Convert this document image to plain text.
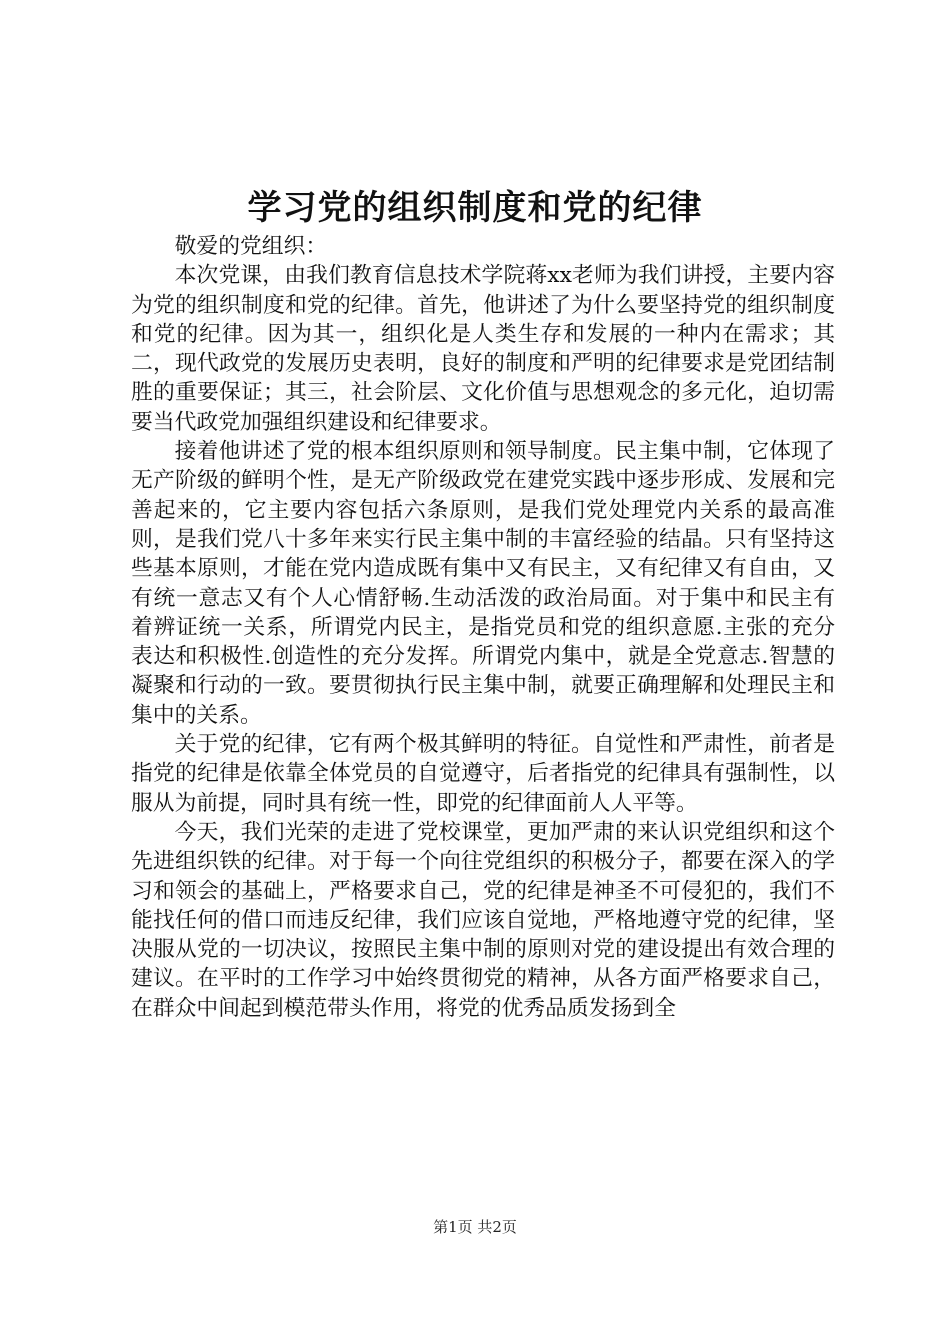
学习党的组织制度和党的纪律

敬爱的党组织：

本次党课，由我们教育信息技术学院蒋xx老师为我们讲授，主要内容为党的组织制度和党的纪律。首先，他讲述了为什么要坚持党的组织制度和党的纪律。因为其一，组织化是人类生存和发展的一种内在需求；其二，现代政党的发展历史表明，良好的制度和严明的纪律要求是党团结制胜的重要保证；其三，社会阶层、文化价值与思想观念的多元化，迫切需要当代政党加强组织建设和纪律要求。

接着他讲述了党的根本组织原则和领导制度。民主集中制，它体现了无产阶级的鲜明个性，是无产阶级政党在建党实践中逐步形成、发展和完善起来的，它主要内容包括六条原则，是我们党处理党内关系的最高准则，是我们党八十多年来实行民主集中制的丰富经验的结晶。只有坚持这些基本原则，才能在党内造成既有集中又有民主，又有纪律又有自由，又有统一意志又有个人心情舒畅.生动活泼的政治局面。对于集中和民主有着辨证统一关系，所谓党内民主，是指党员和党的组织意愿.主张的充分表达和积极性.创造性的充分发挥。所谓党内集中，就是全党意志.智慧的凝聚和行动的一致。要贯彻执行民主集中制，就要正确理解和处理民主和集中的关系。

关于党的纪律，它有两个极其鲜明的特征。自觉性和严肃性，前者是指党的纪律是依靠全体党员的自觉遵守，后者指党的纪律具有强制性，以服从为前提，同时具有统一性，即党的纪律面前人人平等。

今天，我们光荣的走进了党校课堂，更加严肃的来认识党组织和这个先进组织铁的纪律。对于每一个向往党组织的积极分子，都要在深入的学习和领会的基础上，严格要求自己，党的纪律是神圣不可侵犯的，我们不能找任何的借口而违反纪律，我们应该自觉地，严格地遵守党的纪律，坚决服从党的一切决议，按照民主集中制的原则对党的建设提出有效合理的建议。在平时的工作学习中始终贯彻党的精神，从各方面严格要求自己，在群众中间起到模范带头作用，将党的优秀品质发扬到全

第1页 共2页
